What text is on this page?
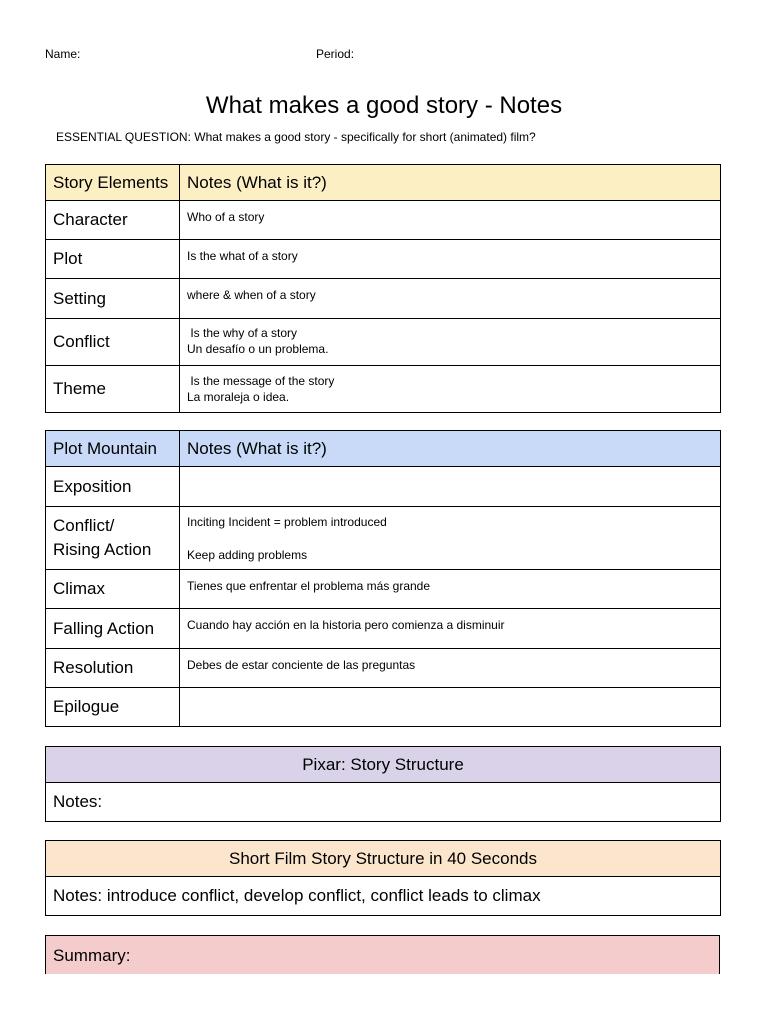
Name:	Period:
What makes a good story - Notes
ESSENTIAL QUESTION: What makes a good story - specifically for short (animated) film?
Story Elements	Notes (What is it?)
Character	Who of a story
Plot	Is the what of a story
Setting	where & when of a story
Conflict	Is the why of a story
Un desafío o un problema.

Theme	Is the message of the story
La moraleja o idea.
Plot Mountain	Notes (What is it?)
Exposition	

Conflict/
Rising Action	Inciting Incident = problem introduced
Keep adding problems

Climax	Tienes que enfrentar el problema más grande
Falling Action	Cuando hay acción en la historia pero comienza a disminuir
Resolution	Debes de estar conciente de las preguntas
Epilogue	
Pixar: Story Structure
Notes:
Short Film Story Structure in 40 Seconds
Notes: introduce conflict, develop conflict, conflict leads to climax
Summary:
